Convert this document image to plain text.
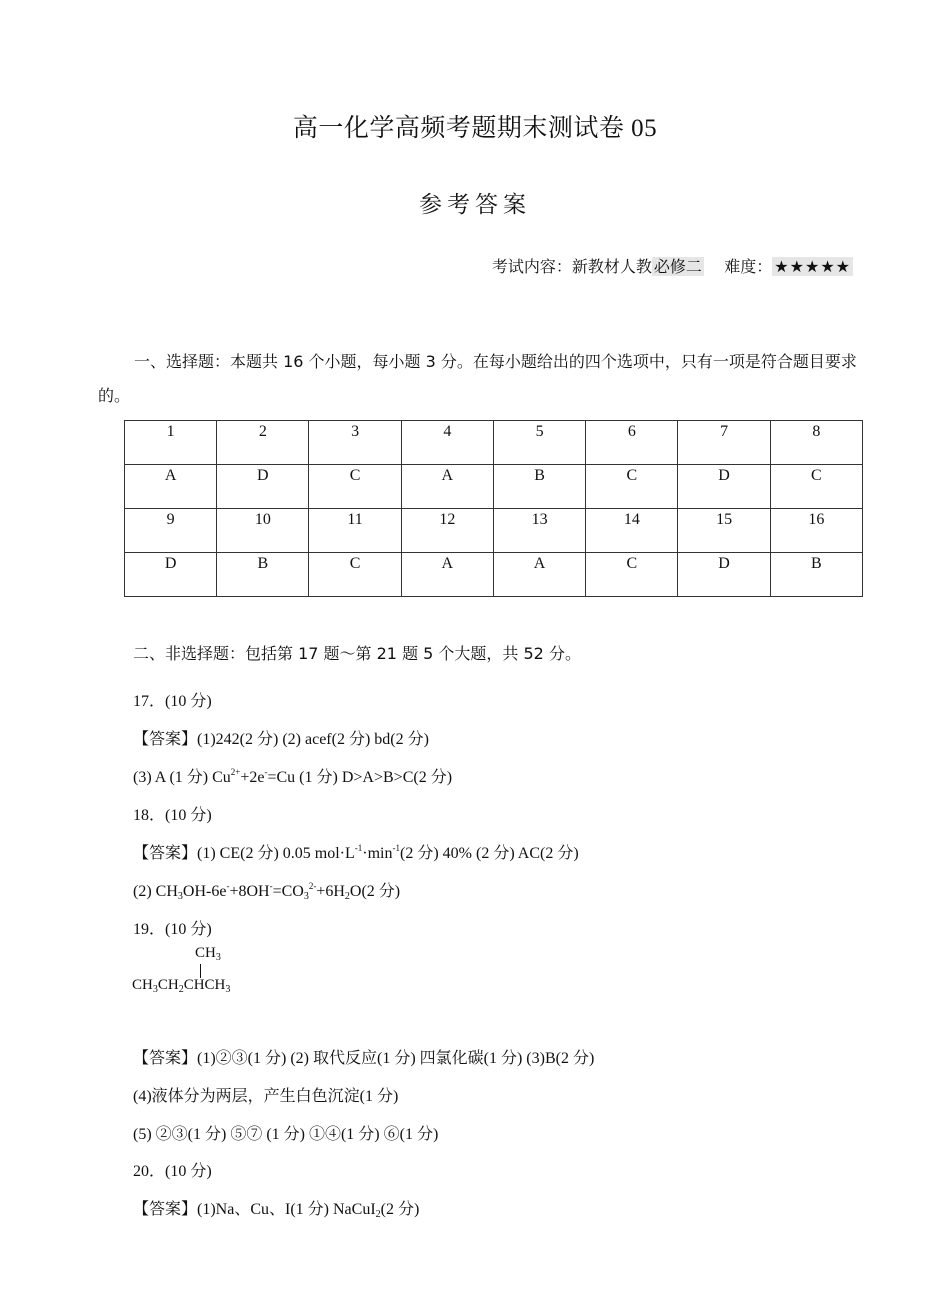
高一化学高频考题期末测试卷 05
参考答案
考试内容：新教材人教 必修二 难度： ★★★★★
一、选择题：本题共 16 个小题，每小题 3 分。在每小题给出的四个选项中，只有一项是符合题目要求的。
1	2	3	4	5	6	7	8
A	D	C	A	B	C	D	C
9	10	11	12	13	14	15	16
D	B	C	A	A	C	D	B
二、非选择题：包括第 17 题～第 21 题 5 个大题，共 52 分。
17．(10 分)
【答案】(1)242(2 分) (2) acef(2 分) bd(2 分)
(3) A (1 分) $Cu^{2+}+2e^-=Cu$ (1 分) D>A>B>C(2 分)
18．(10 分)
【答案】(1) CE(2 分) 0.05 $mol\cdot L^{-1}\cdot\min^{-1}(2$ 分) 40% (2 分) AC(2 分)
(2) $CH_3OH-6e^-+8OH^-=CO_3^{2-}+6H_2O(2$ 分)
19．(10 分)
$CH_3$
$CH_3CH_2CHCH_3$
【答案】(1)②③(1 分) (2) 取代反应(1 分) 四氯化碳(1 分) (3)B(2 分)
(4)液体分为两层，产生白色沉淀(1 分)
(5) ②③(1 分) ⑤⑦ (1 分) ①④(1 分) ⑥(1 分)
20．(10 分)
【答案】(1)Na、Cu、I(1 分) NaCuI$_2$(2 分)
